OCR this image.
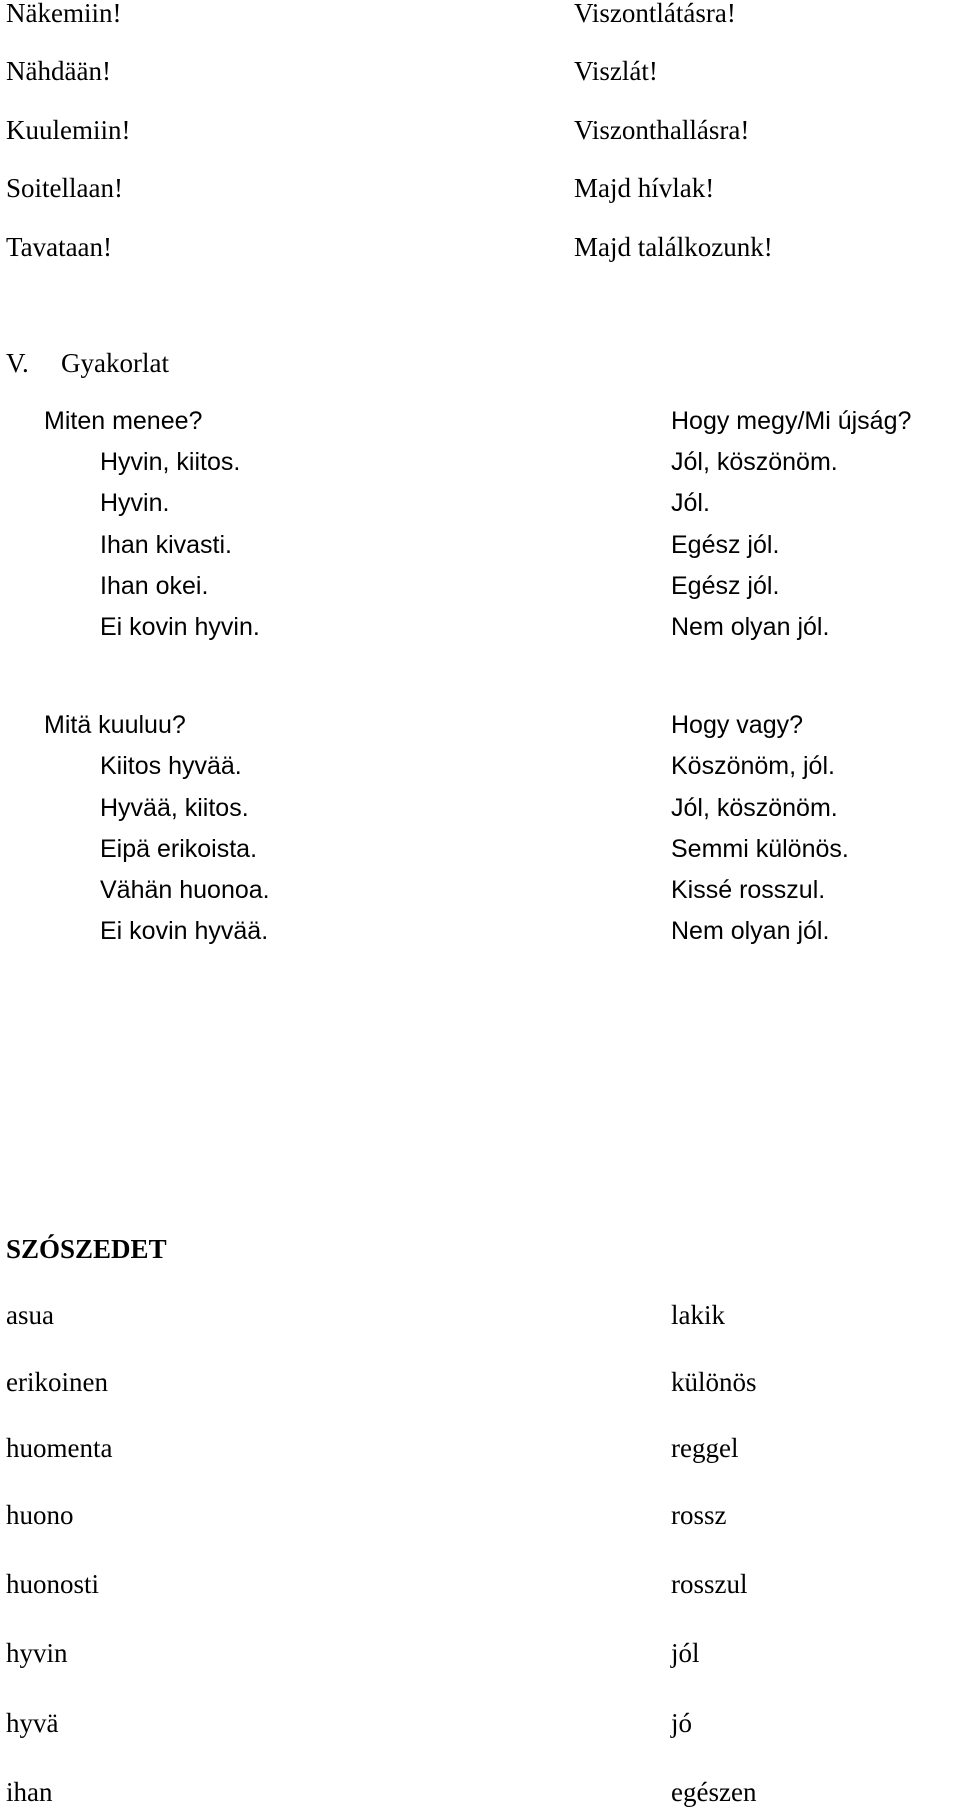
Näkemiin!
Nähdään!
Kuulemiin!
Soitellaan!
Tavataan!
Viszontlátásra!
Viszlát!
Viszonthallásra!
Majd hívlak!
Majd találkozunk!
V. Gyakorlat
Miten menee?
Hyvin, kiitos.
Hyvin.
Ihan kivasti.
Ihan okei.
Ei kovin hyvin.
Hogy megy/Mi újság?
Jól, köszönöm.
Jól.
Egész jól.
Egész jól.
Nem olyan jól.
Mitä kuuluu?
Kiitos hyvää.
Hyvää, kiitos.
Eipä erikoista.
Vähän huonoa.
Ei kovin hyvää.
Hogy vagy?
Köszönöm, jól.
Jól, köszönöm.
Semmi különös.
Kissé rosszul.
Nem olyan jól.
SZÓSZEDET
asua
erikoinen
huomenta
huono
huonosti
hyvin
hyvä
ihan
lakik
különös
reggel
rossz
rosszul
jól
jó
egészen
